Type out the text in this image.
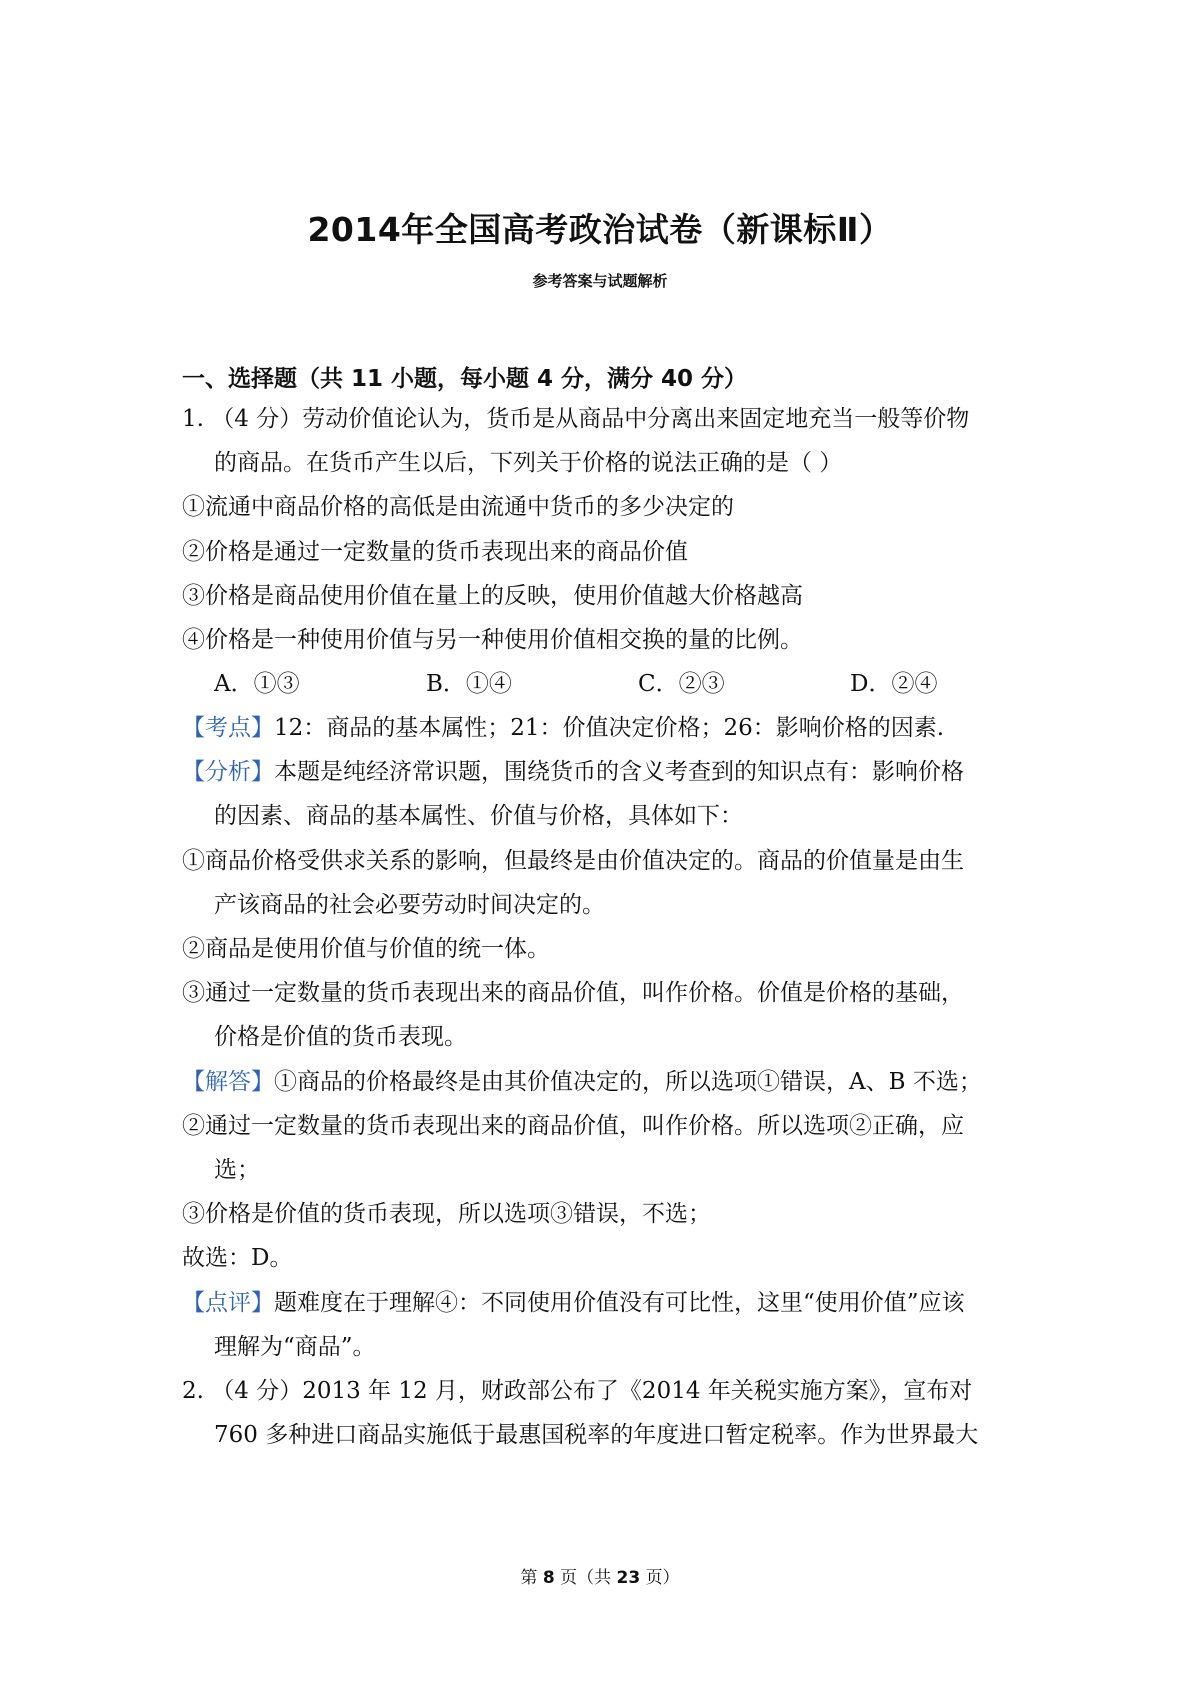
2014年全国高考政治试卷（新课标Ⅱ）
参考答案与试题解析
一、选择题（共 11 小题，每小题 4 分，满分 40 分）
1. （4 分）劳动价值论认为，货币是从商品中分离出来固定地充当一般等价物
的商品。在货币产生以后，下列关于价格的说法正确的是（ ）
①流通中商品价格的高低是由流通中货币的多少决定的
②价格是通过一定数量的货币表现出来的商品价值
③价格是商品使用价值在量上的反映，使用价值越大价格越高
④价格是一种使用价值与另一种使用价值相交换的量的比例。
A．①③	B．①④	C．②③	D．②④
【考点】12：商品的基本属性；21：价值决定价格；26：影响价格的因素.
【分析】本题是纯经济常识题，围绕货币的含义考查到的知识点有：影响价格
的因素、商品的基本属性、价值与价格，具体如下：
①商品价格受供求关系的影响，但最终是由价值决定的。商品的价值量是由生
产该商品的社会必要劳动时间决定的。
②商品是使用价值与价值的统一体。
③通过一定数量的货币表现出来的商品价值，叫作价格。价值是价格的基础，
价格是价值的货币表现。
【解答】①商品的价格最终是由其价值决定的，所以选项①错误，A、B 不选；
②通过一定数量的货币表现出来的商品价值，叫作价格。所以选项②正确，应
选；
③价格是价值的货币表现，所以选项③错误，不选；
故选：D。
【点评】题难度在于理解④：不同使用价值没有可比性，这里“使用价值”应该
理解为“商品”。
2. （4 分）2013 年 12 月，财政部公布了《2014 年关税实施方案》，宣布对
760 多种进口商品实施低于最惠国税率的年度进口暂定税率。作为世界最大
第 8 页（共 23 页）
